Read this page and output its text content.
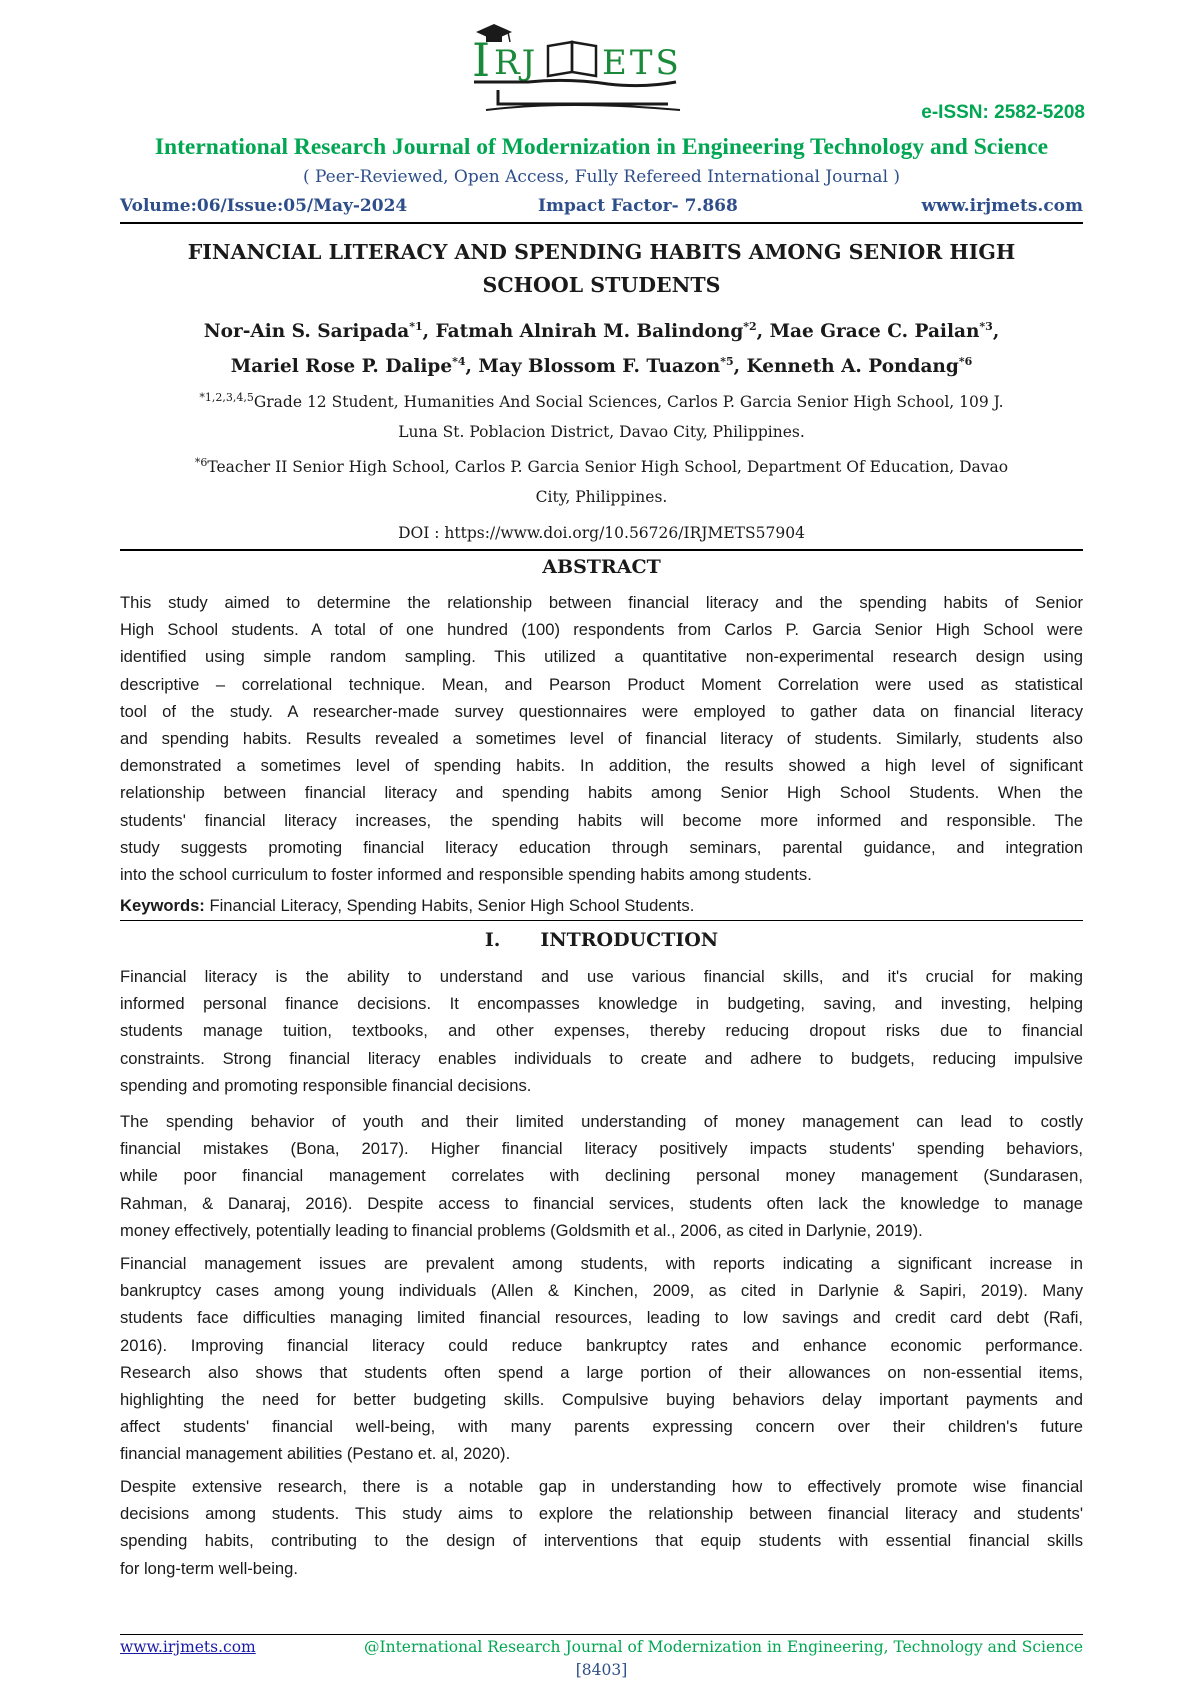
I RJ ETS
e-ISSN: 2582-5208
International Research Journal of Modernization in Engineering Technology and Science
( Peer-Reviewed, Open Access, Fully Refereed International Journal )
Volume:06/Issue:05/May-2024	Impact Factor- 7.868	www.irjmets.com
FINANCIAL LITERACY AND SPENDING HABITS AMONG SENIOR HIGH
SCHOOL STUDENTS
Nor-Ain S. Saripada$^{*1}$, Fatmah Alnirah M. Balindong$^{*2}$, Mae Grace C. Pailan$^{*3}$,
Mariel Rose P. Dalipe$^{*4}$, May Blossom F. Tuazon$^{*5}$, Kenneth A. Pondang$^{*6}$
$^{*1,2,3,4,5}$Grade 12 Student, Humanities And Social Sciences, Carlos P. Garcia Senior High School, 109 J.
Luna St. Poblacion District, Davao City, Philippines.
$^{*6}$Teacher II Senior High School, Carlos P. Garcia Senior High School, Department Of Education, Davao
City, Philippines.
DOI : https://www.doi.org/10.56726/IRJMETS57904
ABSTRACT
This study aimed to determine the relationship between financial literacy and the spending habits of Senior
High School students. A total of one hundred (100) respondents from Carlos P. Garcia Senior High School were
identified using simple random sampling. This utilized a quantitative non-experimental research design using
descriptive – correlational technique. Mean, and Pearson Product Moment Correlation were used as statistical
tool of the study. A researcher-made survey questionnaires were employed to gather data on financial literacy
and spending habits. Results revealed a sometimes level of financial literacy of students. Similarly, students also
demonstrated a sometimes level of spending habits. In addition, the results showed a high level of significant
relationship between financial literacy and spending habits among Senior High School Students. When the
students' financial literacy increases, the spending habits will become more informed and responsible. The
study suggests promoting financial literacy education through seminars, parental guidance, and integration
into the school curriculum to foster informed and responsible spending habits among students.
Keywords: Financial Literacy, Spending Habits, Senior High School Students.
I. INTRODUCTION
Financial literacy is the ability to understand and use various financial skills, and it's crucial for making
informed personal finance decisions. It encompasses knowledge in budgeting, saving, and investing, helping
students manage tuition, textbooks, and other expenses, thereby reducing dropout risks due to financial
constraints. Strong financial literacy enables individuals to create and adhere to budgets, reducing impulsive
spending and promoting responsible financial decisions.
The spending behavior of youth and their limited understanding of money management can lead to costly
financial mistakes (Bona, 2017). Higher financial literacy positively impacts students' spending behaviors,
while poor financial management correlates with declining personal money management (Sundarasen,
Rahman, & Danaraj, 2016). Despite access to financial services, students often lack the knowledge to manage
money effectively, potentially leading to financial problems (Goldsmith et al., 2006, as cited in Darlynie, 2019).
Financial management issues are prevalent among students, with reports indicating a significant increase in
bankruptcy cases among young individuals (Allen & Kinchen, 2009, as cited in Darlynie & Sapiri, 2019). Many
students face difficulties managing limited financial resources, leading to low savings and credit card debt (Rafi,
2016). Improving financial literacy could reduce bankruptcy rates and enhance economic performance.
Research also shows that students often spend a large portion of their allowances on non-essential items,
highlighting the need for better budgeting skills. Compulsive buying behaviors delay important payments and
affect students' financial well-being, with many parents expressing concern over their children's future
financial management abilities (Pestano et. al, 2020).
Despite extensive research, there is a notable gap in understanding how to effectively promote wise financial
decisions among students. This study aims to explore the relationship between financial literacy and students'
spending habits, contributing to the design of interventions that equip students with essential financial skills
for long-term well-being.
www.irjmets.com	@International Research Journal of Modernization in Engineering, Technology and Science
[8403]
